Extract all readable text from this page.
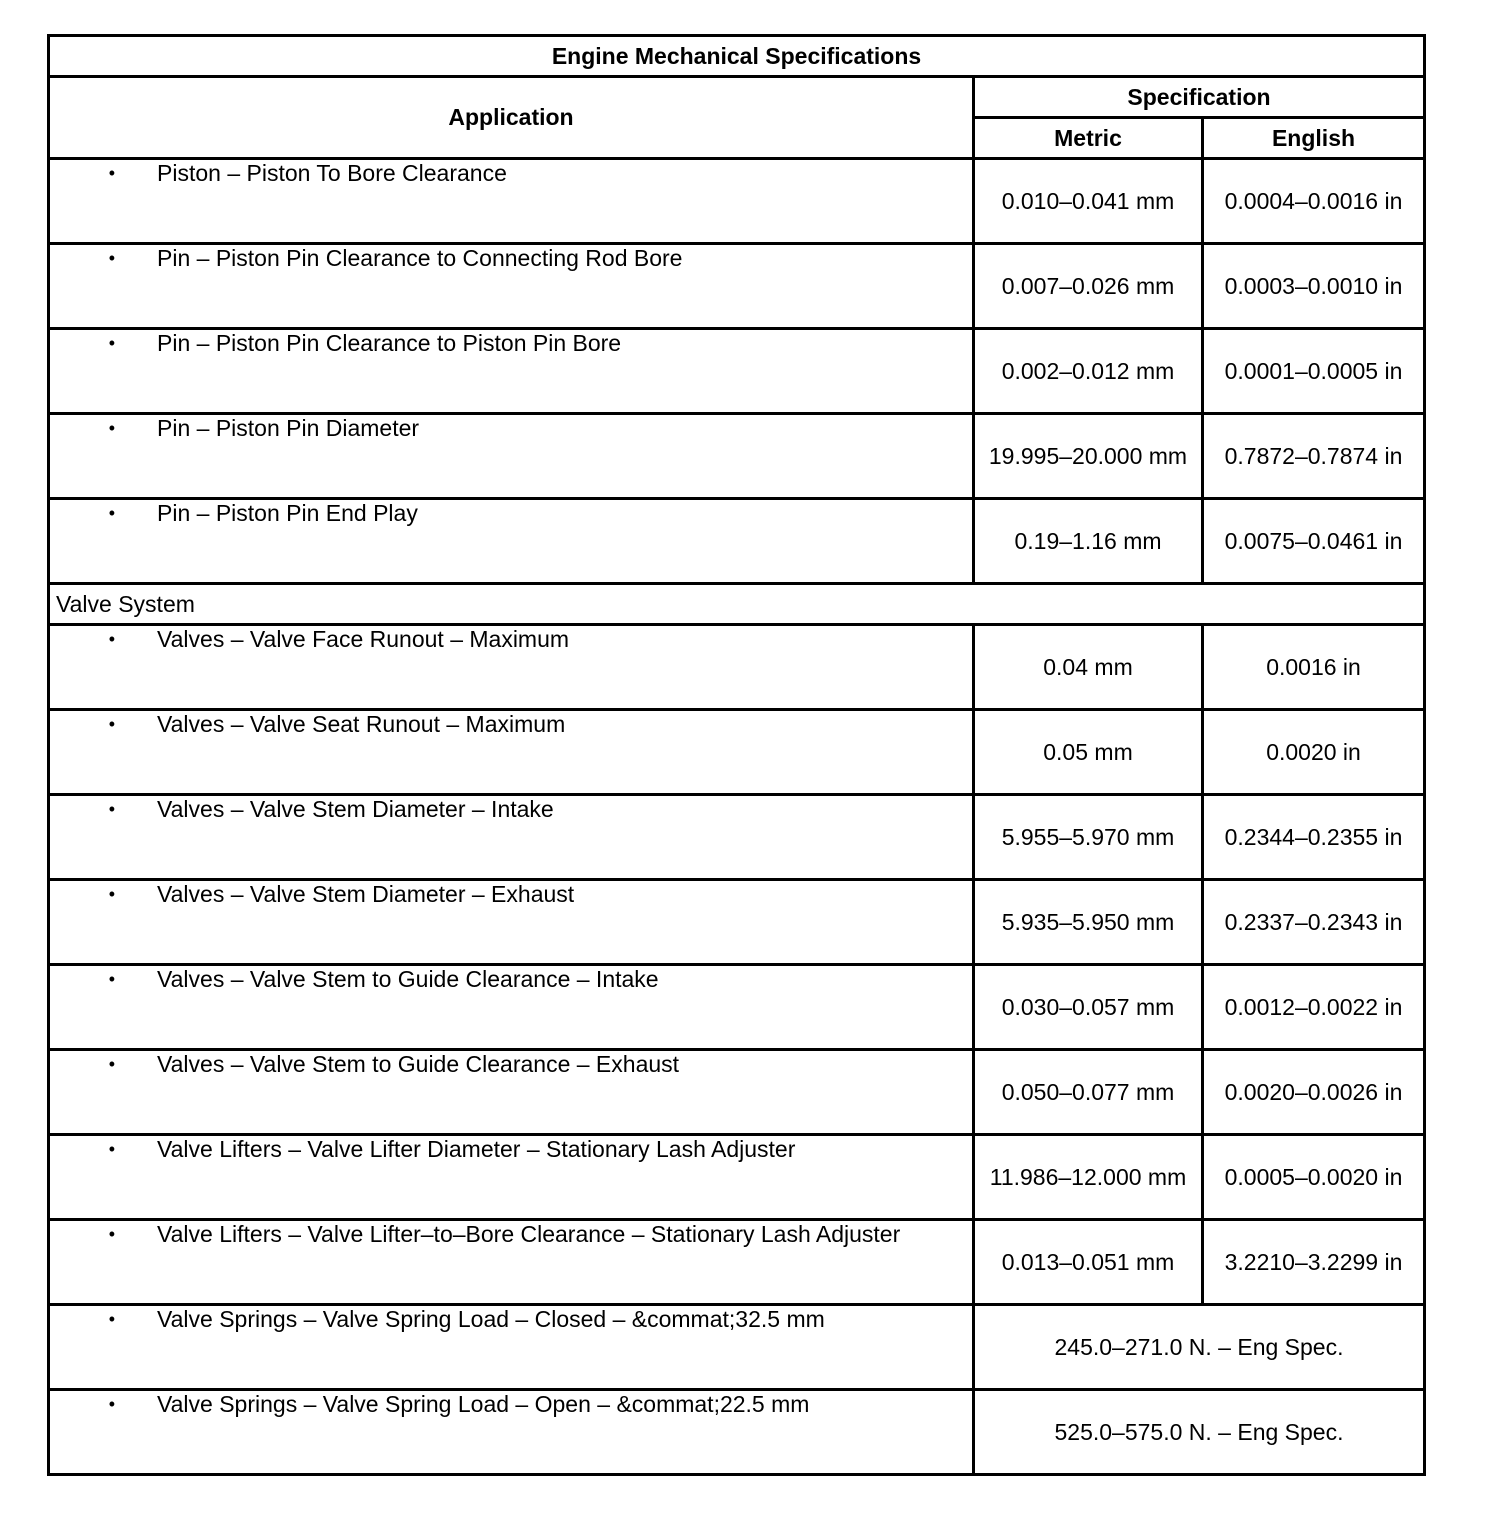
Engine Mechanical Specifications		
Application	Specification	
	Metric	English

• Piston – Piston To Bore Clearance	0.010–0.041 mm	0.0004–0.0016 in

• Pin – Piston Pin Clearance to Connecting Rod Bore	0.007–0.026 mm	0.0003–0.0010 in

• Pin – Piston Pin Clearance to Piston Pin Bore	0.002–0.012 mm	0.0001–0.0005 in

• Pin – Piston Pin Diameter	19.995–20.000 mm	0.7872–0.7874 in

• Pin – Piston Pin End Play	0.19–1.16 mm	0.0075–0.0461 in
Valve System		

• Valves – Valve Face Runout – Maximum	0.04 mm	0.0016 in

• Valves – Valve Seat Runout – Maximum	0.05 mm	0.0020 in

• Valves – Valve Stem Diameter – Intake	5.955–5.970 mm	0.2344–0.2355 in

• Valves – Valve Stem Diameter – Exhaust	5.935–5.950 mm	0.2337–0.2343 in

• Valves – Valve Stem to Guide Clearance – Intake	0.030–0.057 mm	0.0012–0.0022 in

• Valves – Valve Stem to Guide Clearance – Exhaust	0.050–0.077 mm	0.0020–0.0026 in

• Valve Lifters – Valve Lifter Diameter – Stationary Lash Adjuster	11.986–12.000 mm	0.0005–0.0020 in

• Valve Lifters – Valve Lifter–to–Bore Clearance – Stationary Lash Adjuster	0.013–0.051 mm	3.2210–3.2299 in

• Valve Springs – Valve Spring Load – Closed – &commat;32.5 mm	245.0–271.0 N. – Eng Spec.	

• Valve Springs – Valve Spring Load – Open – &commat;22.5 mm	525.0–575.0 N. – Eng Spec.	
